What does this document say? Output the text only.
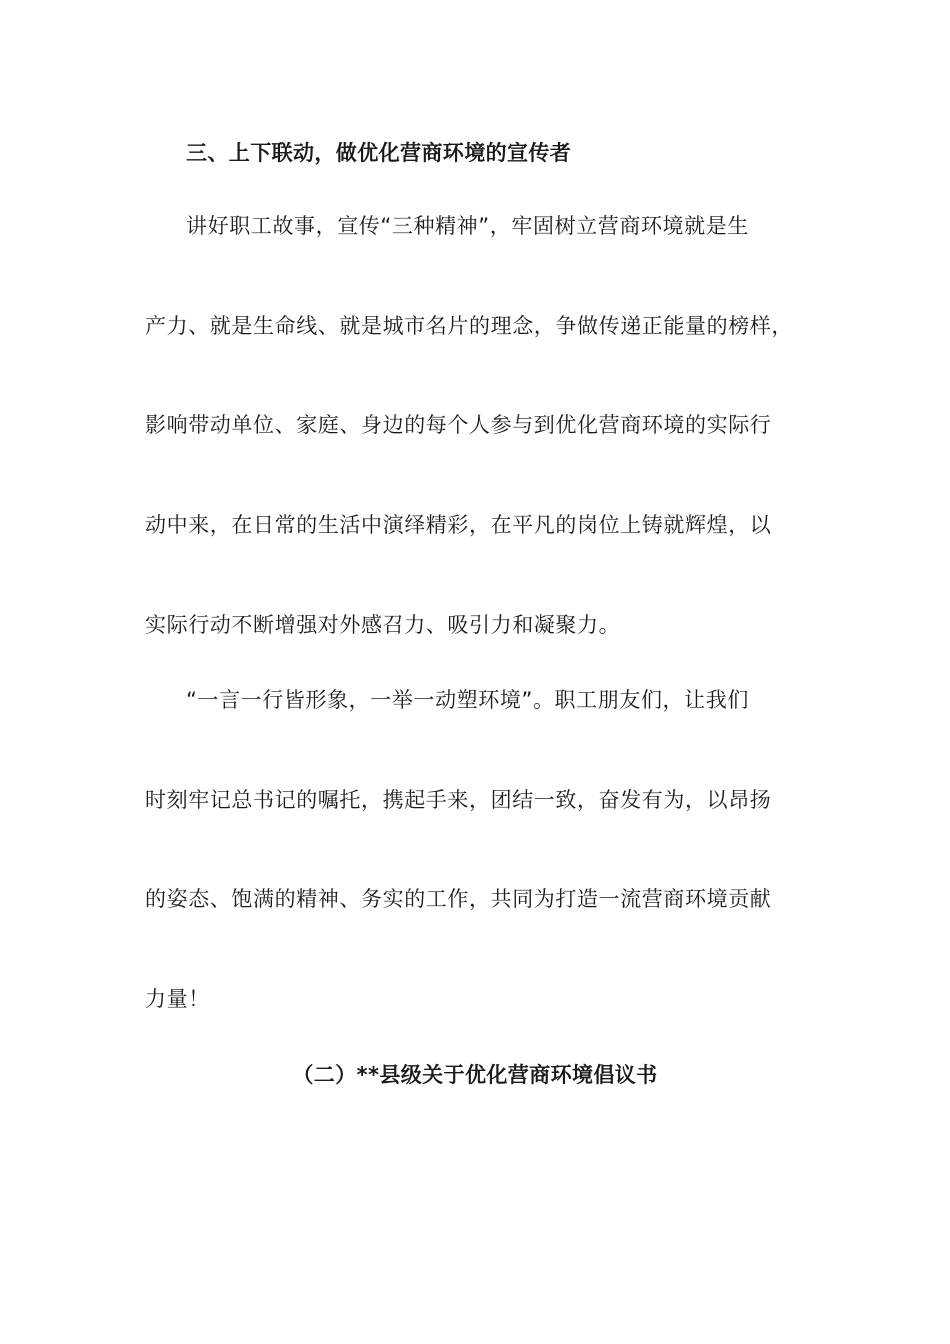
三、上下联动，做优化营商环境的宣传者
讲好职工故事，宣传“三种精神”，牢固树立营商环境就是生
产力、就是生命线、就是城市名片的理念，争做传递正能量的榜样，
影响带动单位、家庭、身边的每个人参与到优化营商环境的实际行
动中来，在日常的生活中演绎精彩，在平凡的岗位上铸就辉煌，以
实际行动不断增强对外感召力、吸引力和凝聚力。
“一言一行皆形象，一举一动塑环境”。职工朋友们，让我们
时刻牢记总书记的嘱托，携起手来，团结一致，奋发有为，以昂扬
的姿态、饱满的精神、务实的工作，共同为打造一流营商环境贡献
力量！
（二）**县级关于优化营商环境倡议书
